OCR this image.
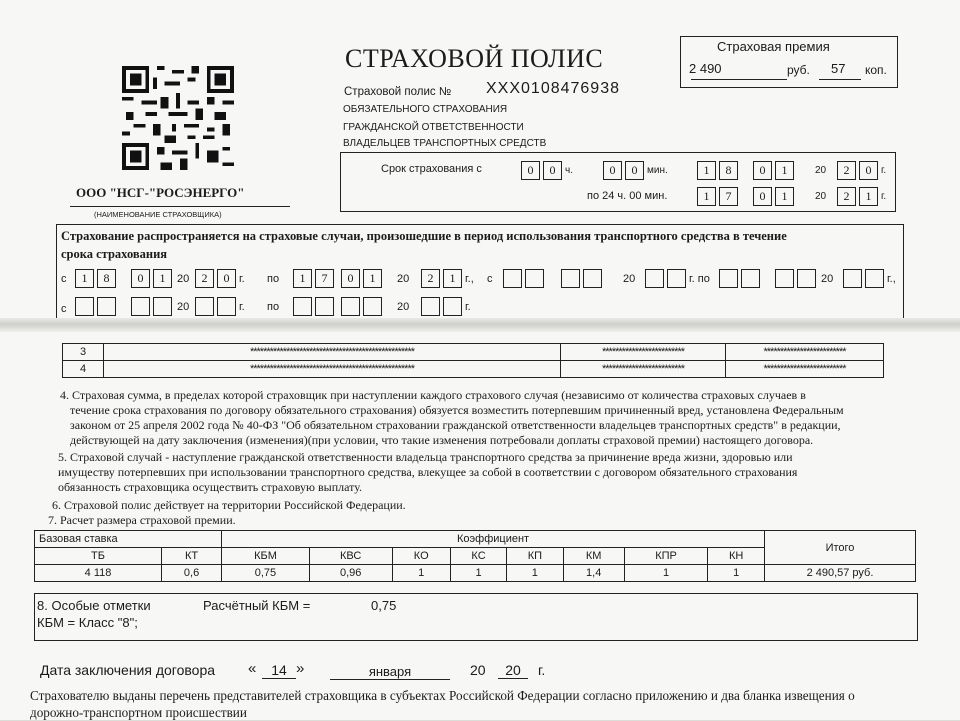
ООО "НСГ-"РОСЭНЕРГО"
(НАИМЕНОВАНИЕ СТРАХОВЩИКА)
СТРАХОВОЙ ПОЛИС
Страховой полис № XXX0108476938
ОБЯЗАТЕЛЬНОГО СТРАХОВАНИЯ
ГРАЖДАНСКОЙ ОТВЕТСТВЕННОСТИ
ВЛАДЕЛЬЦЕВ ТРАНСПОРТНЫХ СРЕДСТВ
Страховая премия
2 490	руб. 57 коп.
Срок страхования с	0	0 ч.	0	0 мин.	1	8	0	1	20	2	0 г.
по 24 ч. 00 мин.	1	7	0	1	20	2	1 г.
Страхование распространяется на страховые случаи, произошедшие в период использования транспортного средства в течение
срока страхования
с	1	8	0	1	20	2	0 г. по	1	7	0	1	20	2	1 г., с	20	г. по	20	г.,
с	20	г. по	20	г.
3	**************************************************	*************************	*************************
4	**************************************************	*************************	*************************
4. Страховая сумма, в пределах которой страховщик при наступлении каждого страхового случая (независимо от количества страховых случаев в
течение срока страхования по договору обязательного страхования) обязуется возместить потерпевшим причиненный вред, установлена Федеральным
законом от 25 апреля 2002 года № 40-ФЗ "Об обязательном страховании гражданской ответственности владельцев транспортных средств" в редакции,
действующей на дату заключения (изменения)(при условии, что такие изменения потребовали доплаты страховой премии) настоящего договора.
5. Страховой случай - наступление гражданской ответственности владельца транспортного средства за причинение вреда жизни, здоровью или
имуществу потерпевших при использовании транспортного средства, влекущее за собой в соответствии с договором обязательного страхования
обязанность страховщика осуществить страховую выплату.
6. Страховой полис действует на территории Российской Федерации.
7. Расчет размера страховой премии.
Базовая ставка		Коэффициент								Итого
ТБ	КТ	КБМ	КВС	КО	КС	КП	КМ	КПР	КН	
4 118	0,6	0,75	0,96	1	1	1	1,4	1	1	2 490,57 руб.
8. Особые отметки	Расчётный КБМ =	0,75
КБМ = Класс "8";
Дата заключения договора «	14 »	января	20	20	г.
Страхователю выданы перечень представителей страховщика в субъектах Российской Федерации согласно приложению и два бланка извещения о
дорожно-транспортном происшествии
